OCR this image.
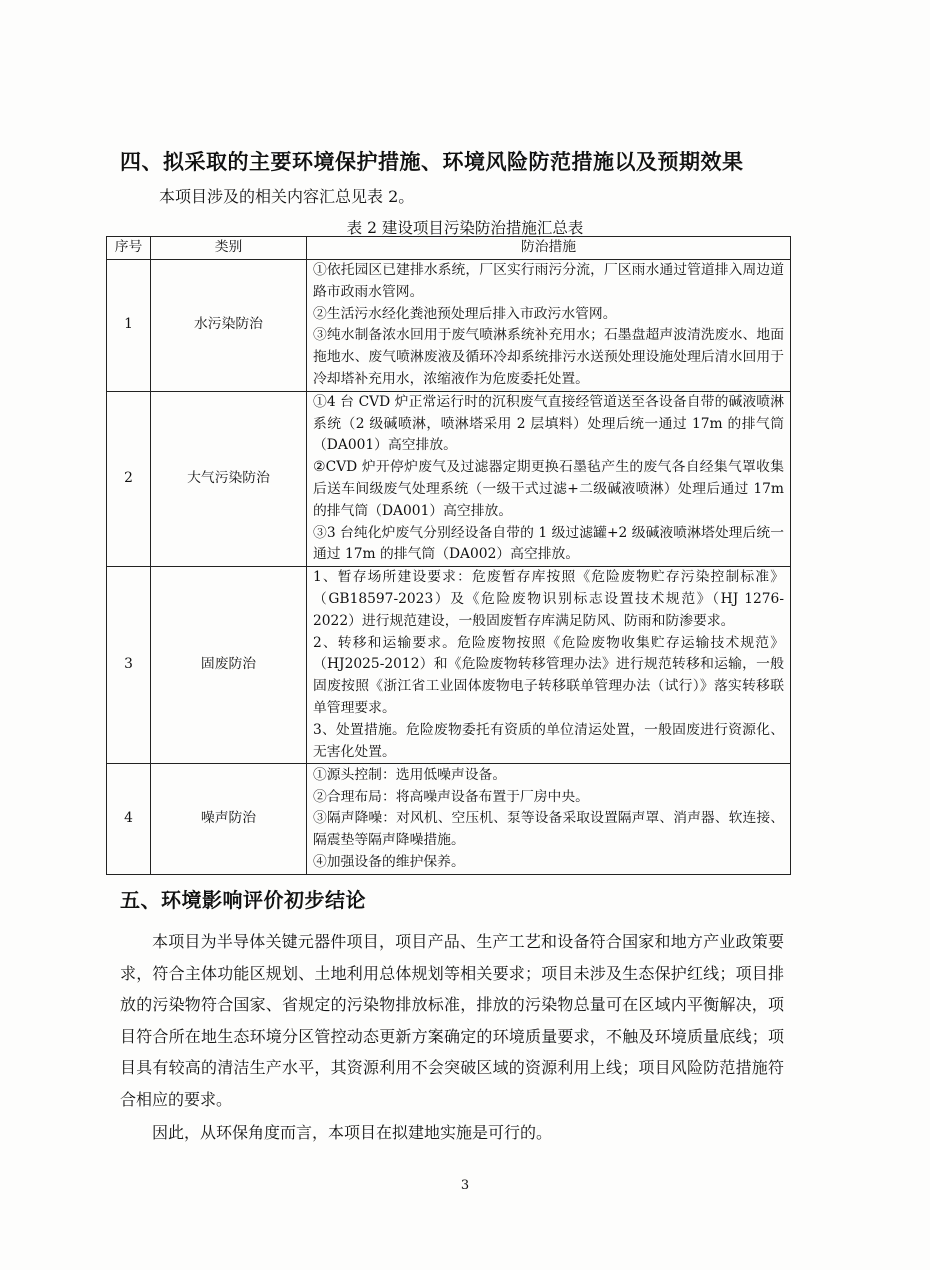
四、拟采取的主要环境保护措施、环境风险防范措施以及预期效果
本项目涉及的相关内容汇总见表 2。
表 2 建设项目污染防治措施汇总表
序号	类别	防治措施
1	水污染防治	①依托园区已建排水系统，厂区实行雨污分流，厂区雨水通过管道排入周边道路市政雨水管网。

②生活污水经化粪池预处理后排入市政污水管网。

③纯水制备浓水回用于废气喷淋系统补充用水；石墨盘超声波清洗废水、地面拖地水、废气喷淋废液及循环冷却系统排污水送预处理设施处理后清水回用于冷却塔补充用水，浓缩液作为危废委托处置。

2	大气污染防治	①4 台 CVD 炉正常运行时的沉积废气直接经管道送至各设备自带的碱液喷淋系统（2 级碱喷淋，喷淋塔采用 2 层填料）处理后统一通过 17m 的排气筒（DA001）高空排放。

②CVD 炉开停炉废气及过滤器定期更换石墨毡产生的废气各自经集气罩收集后送车间级废气处理系统（一级干式过滤+二级碱液喷淋）处理后通过 17m 的排气筒（DA001）高空排放。

③3 台纯化炉废气分别经设备自带的 1 级过滤罐+2 级碱液喷淋塔处理后统一通过 17m 的排气筒（DA002）高空排放。

3	固废防治	1、暂存场所建设要求：危废暂存库按照《危险废物贮存污染控制标准》（GB18597-2023）及《危险废物识别标志设置技术规范》（HJ 1276-2022）进行规范建设，一般固废暂存库满足防风、防雨和防渗要求。

2、转移和运输要求。危险废物按照《危险废物收集贮存运输技术规范》（HJ2025-2012）和《危险废物转移管理办法》进行规范转移和运输，一般固废按照《浙江省工业固体废物电子转移联单管理办法（试行）》落实转移联单管理要求。

3、处置措施。危险废物委托有资质的单位清运处置，一般固废进行资源化、无害化处置。

4	噪声防治	①源头控制：选用低噪声设备。

②合理布局：将高噪声设备布置于厂房中央。

③隔声降噪：对风机、空压机、泵等设备采取设置隔声罩、消声器、软连接、隔震垫等隔声降噪措施。

④加强设备的维护保养。

五、环境影响评价初步结论

本项目为半导体关键元器件项目，项目产品、生产工艺和设备符合国家和地方产业政策要求，符合主体功能区规划、土地利用总体规划等相关要求；项目未涉及生态保护红线；项目排放的污染物符合国家、省规定的污染物排放标准，排放的污染物总量可在区域内平衡解决，项目符合所在地生态环境分区管控动态更新方案确定的环境质量要求，不触及环境质量底线；项目具有较高的清洁生产水平，其资源利用不会突破区域的资源利用上线；项目风险防范措施符合相应的要求。

因此，从环保角度而言，本项目在拟建地实施是可行的。

3
